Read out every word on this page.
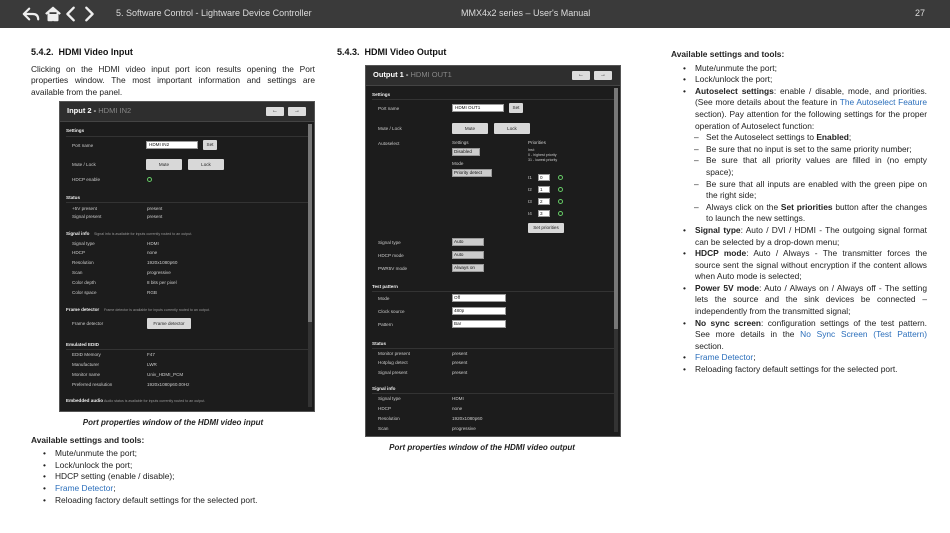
5. Software Control - Lightware Device Controller	MMX4x2 series – User's Manual	27
5.4.2. HDMI Video Input

Clicking on the HDMI video input port icon results opening the Port properties window. The most important information and settings are available from the panel.

Input 2 - HDMI IN2	←	→
Settings
Port name	HDMI IN2	Set
Mute / Lock	Mute	Lock
HDCP enable
Status
+5V present	present
Signal present	present
Signal info Signal info is available for inputs currently routed to an output.
Signal type	HDMI
HDCP	none
Resolution	1920x1080p60
Scan	progressive
Color depth	8 bits per pixel
Color space	RGB
Frame detector Frame detector is available for inputs currently routed to an output.
Frame detector	Frame detector
Emulated EDID
EDID Memory	F47
Manufacturer	LWR
Monitor name	Univ_HDMI_PCM
Preferred resolution	1920x1080p60.00Hz
Embedded audio Audio status is available for inputs currently routed to an output.

Port properties window of the HDMI video input

Available settings and tools:

• Mute/unmute the port;
• Lock/unlock the port;
• HDCP setting (enable / disable);
• Frame Detector;
• Reloading factory default settings for the selected port.
5.4.3. HDMI Video Output
Output 1 - HDMI OUT1	←	→
Settings
Port name	HDMI OUT1	Set
Mute / Lock	Mute	Lock
Autoselect	Settings
Disabled
Mode
Priority detect
Priorities
Inst:
0 - highest priority
31 - lowest priority
I1	0
I2	1
I3	2
I4	3
Set priorities
Signal type	Auto
HDCP mode	Auto
PWR5V mode	Always on
Test pattern
Mode	Off
Clock source	480p
Pattern	Bar
Status
Monitor present	present
Hotplug detect	present
Signal present	present
Signal info
Signal type	HDMI
HDCP	none
Resolution	1920x1080p60
Scan	progressive

Port properties window of the HDMI video output

Available settings and tools:

• Mute/unmute the port;
• Lock/unlock the port;
• Autoselect settings: enable / disable, mode, and priorities. (See more details about the feature in The Autoselect Feature section). Pay attention for the following settings for the proper operation of Autoselect function:
– Set the Autoselect settings to Enabled;
– Be sure that no input is set to the same priority number;
– Be sure that all priority values are filled in (no empty space);
– Be sure that all inputs are enabled with the green pipe on the right side;
– Always click on the Set priorities button after the changes to launch the new settings.
• Signal type: Auto / DVI / HDMI - The outgoing signal format can be selected by a drop-down menu;
• HDCP mode: Auto / Always - The transmitter forces the source sent the signal without encryption if the content allows when Auto mode is selected;
• Power 5V mode: Auto / Always on / Always off - The setting lets the source and the sink devices be connected – independently from the transmitted signal;
• No sync screen: configuration settings of the test pattern. See more details in the No Sync Screen (Test Pattern) section.
• Frame Detector;
• Reloading factory default settings for the selected port.
